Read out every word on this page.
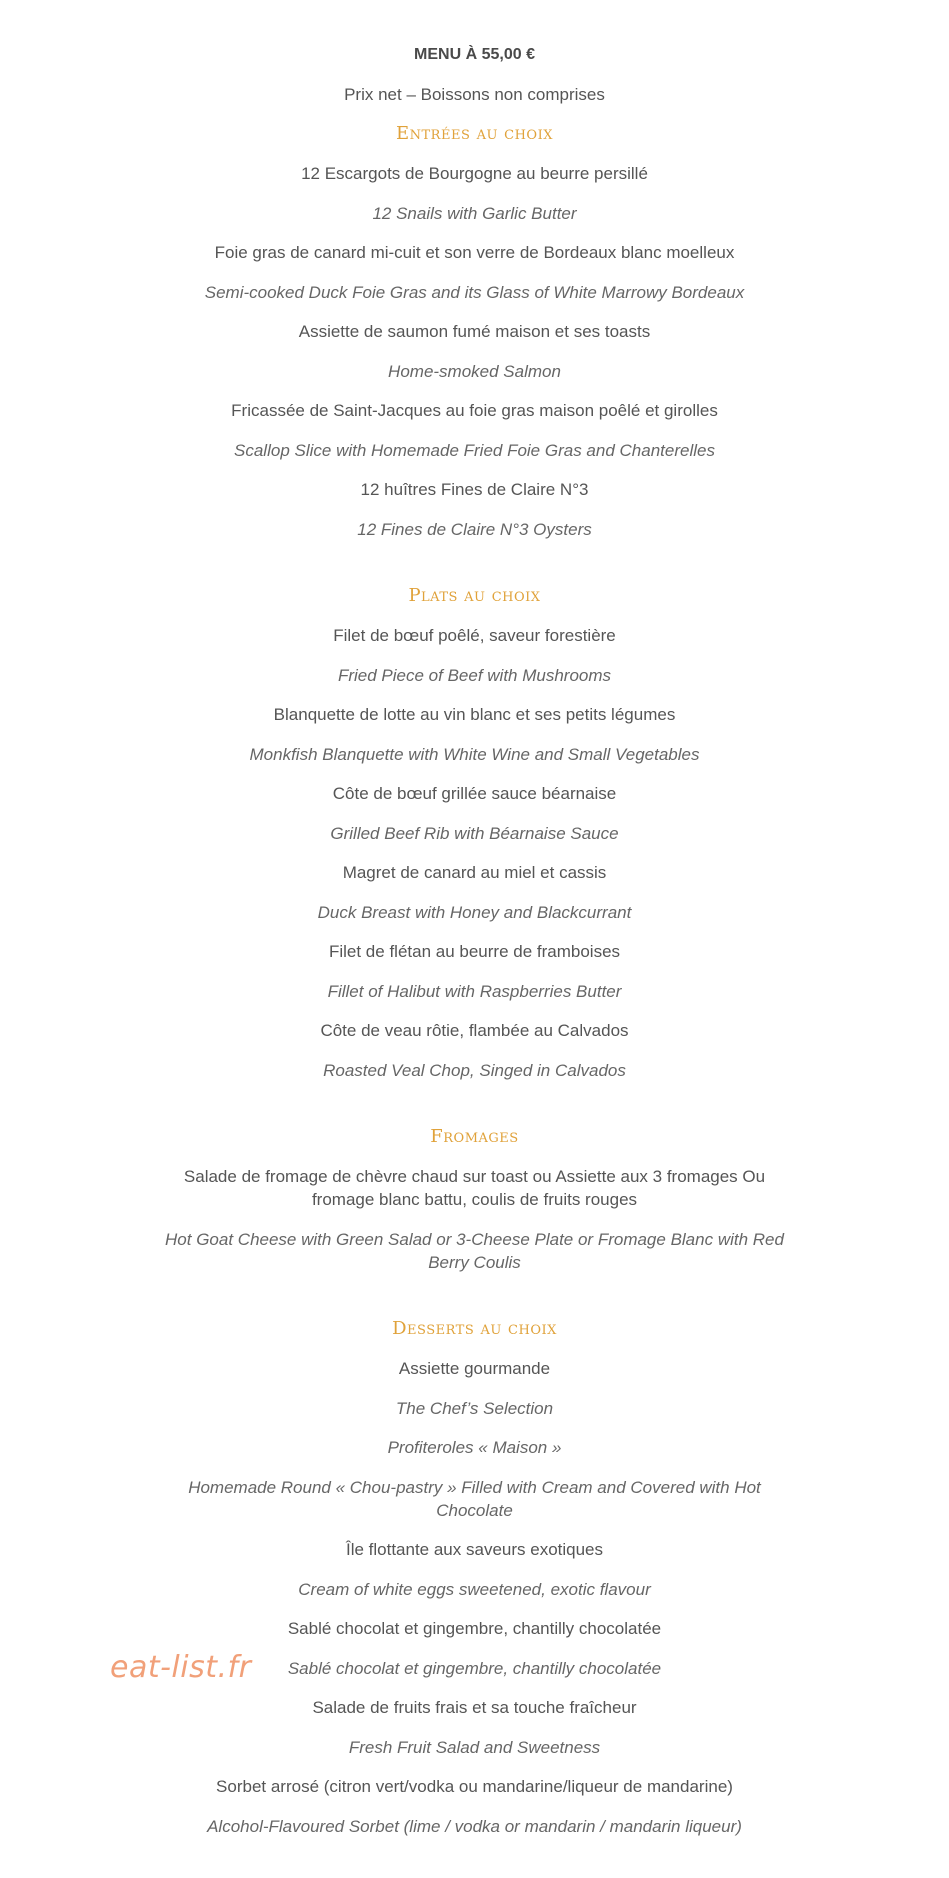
MENU À 55,00 €
Prix net – Boissons non comprises
Entrées au choix
12 Escargots de Bourgogne au beurre persillé
12 Snails with Garlic Butter
Foie gras de canard mi-cuit et son verre de Bordeaux blanc moelleux
Semi-cooked Duck Foie Gras and its Glass of White Marrowy Bordeaux
Assiette de saumon fumé maison et ses toasts
Home-smoked Salmon
Fricassée de Saint-Jacques au foie gras maison poêlé et girolles
Scallop Slice with Homemade Fried Foie Gras and Chanterelles
12 huîtres Fines de Claire N°3
12 Fines de Claire N°3 Oysters
Plats au choix
Filet de bœuf poêlé, saveur forestière
Fried Piece of Beef with Mushrooms
Blanquette de lotte au vin blanc et ses petits légumes
Monkfish Blanquette with White Wine and Small Vegetables
Côte de bœuf grillée sauce béarnaise
Grilled Beef Rib with Béarnaise Sauce
Magret de canard au miel et cassis
Duck Breast with Honey and Blackcurrant
Filet de flétan au beurre de framboises
Fillet of Halibut with Raspberries Butter
Côte de veau rôtie, flambée au Calvados
Roasted Veal Chop, Singed in Calvados
Fromages
Salade de fromage de chèvre chaud sur toast ou Assiette aux 3 fromages Ou fromage blanc battu, coulis de fruits rouges
Hot Goat Cheese with Green Salad or 3-Cheese Plate or Fromage Blanc with Red Berry Coulis
Desserts au choix
Assiette gourmande
The Chef’s Selection
Profiteroles « Maison »
Homemade Round « Chou-pastry » Filled with Cream and Covered with Hot Chocolate
Île flottante aux saveurs exotiques
Cream of white eggs sweetened, exotic flavour
Sablé chocolat et gingembre, chantilly chocolatée
Sablé chocolat et gingembre, chantilly chocolatée
Salade de fruits frais et sa touche fraîcheur
Fresh Fruit Salad and Sweetness
Sorbet arrosé (citron vert/vodka ou mandarine/liqueur de mandarine)
Alcohol-Flavoured Sorbet (lime / vodka or mandarin / mandarin liqueur)
eat-list.fr
